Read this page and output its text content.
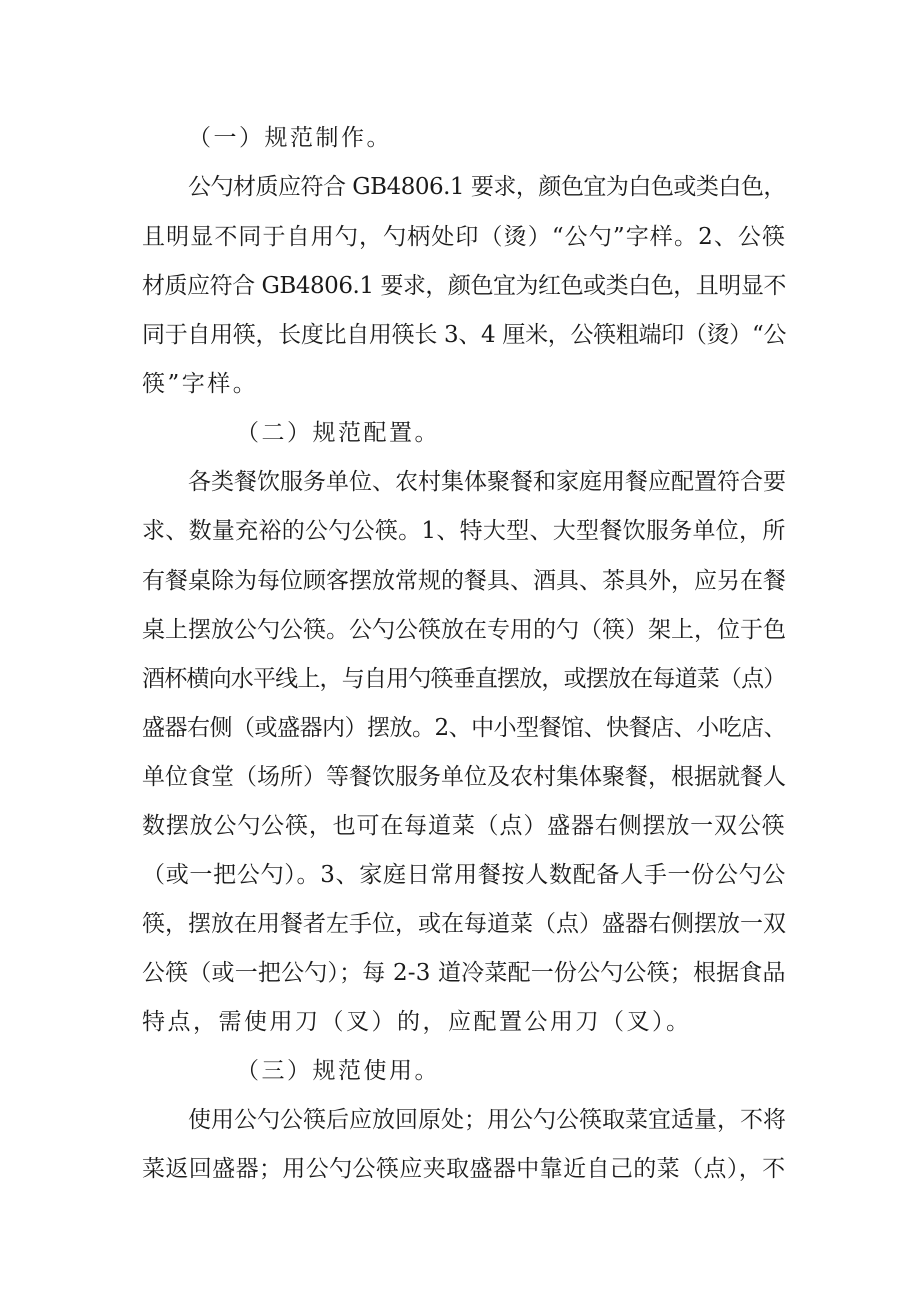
（一）规范制作。
公勺材质应符合 GB4806.1 要求，颜色宜为白色或类白色，
且明显不同于自用勺，勺柄处印（烫）“公勺”字样。2、公筷
材质应符合 GB4806.1 要求，颜色宜为红色或类白色，且明显不
同于自用筷，长度比自用筷长 3、4 厘米，公筷粗端印（烫）“公
筷”字样。
（二）规范配置。
各类餐饮服务单位、农村集体聚餐和家庭用餐应配置符合要
求、数量充裕的公勺公筷。1、特大型、大型餐饮服务单位，所
有餐桌除为每位顾客摆放常规的餐具、酒具、茶具外，应另在餐
桌上摆放公勺公筷。公勺公筷放在专用的勺（筷）架上，位于色
酒杯横向水平线上，与自用勺筷垂直摆放，或摆放在每道菜（点）
盛器右侧（或盛器内）摆放。2、中小型餐馆、快餐店、小吃店、
单位食堂（场所）等餐饮服务单位及农村集体聚餐，根据就餐人
数摆放公勺公筷，也可在每道菜（点）盛器右侧摆放一双公筷
（或一把公勺）。3、家庭日常用餐按人数配备人手一份公勺公
筷，摆放在用餐者左手位，或在每道菜（点）盛器右侧摆放一双
公筷（或一把公勺）；每 2-3 道冷菜配一份公勺公筷；根据食品
特点，需使用刀（叉）的，应配置公用刀（叉）。
（三）规范使用。
使用公勺公筷后应放回原处；用公勺公筷取菜宜适量，不将
菜返回盛器；用公勺公筷应夹取盛器中靠近自己的菜（点），不
